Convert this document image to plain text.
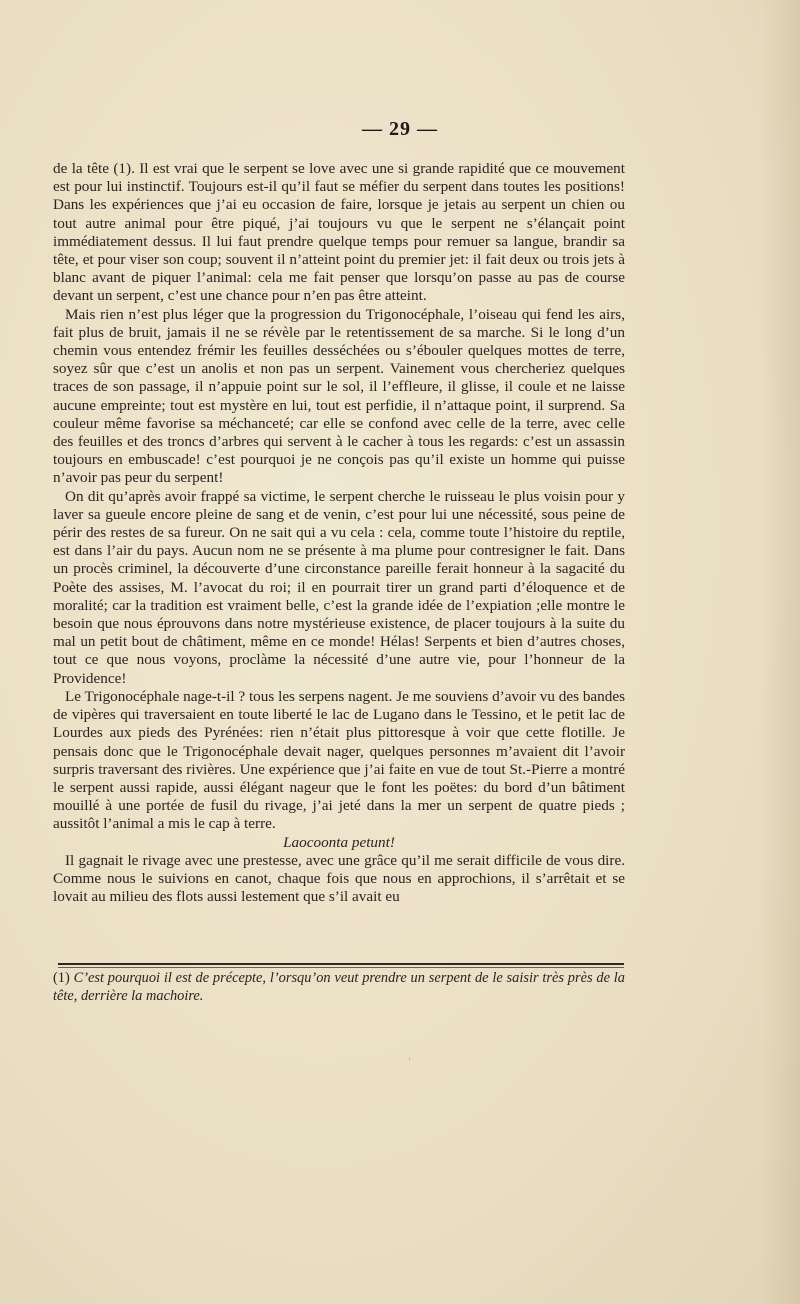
— 29 —

de la tête (1). Il est vrai que le serpent se love avec une si grande rapidité que ce mouvement est pour lui instinctif. Toujours est-il qu’il faut se méfier du serpent dans toutes les positions! Dans les expériences que j’ai eu occasion de faire, lorsque je jetais au serpent un chien ou tout autre animal pour être piqué, j’ai toujours vu que le serpent ne s’élançait point immédiatement dessus. Il lui faut prendre quelque temps pour remuer sa langue, brandir sa tête, et pour viser son coup; souvent il n’atteint point du premier jet: il fait deux ou trois jets à blanc avant de piquer l’animal: cela me fait penser que lorsqu’on passe au pas de course devant un serpent, c’est une chance pour n’en pas être atteint.

Mais rien n’est plus léger que la progression du Trigonocéphale, l’oiseau qui fend les airs, fait plus de bruit, jamais il ne se révèle par le retentissement de sa marche. Si le long d’un chemin vous entendez frémir les feuilles desséchées ou s’ébouler quelques mottes de terre, soyez sûr que c’est un anolis et non pas un serpent. Vainement vous chercheriez quelques traces de son passage, il n’appuie point sur le sol, il l’effleure, il glisse, il coule et ne laisse aucune empreinte; tout est mystère en lui, tout est perfidie, il n’attaque point, il surprend. Sa couleur même favorise sa méchanceté; car elle se confond avec celle de la terre, avec celle des feuilles et des troncs d’arbres qui servent à le cacher à tous les regards: c’est un assassin toujours en embuscade! c’est pourquoi je ne conçois pas qu’il existe un homme qui puisse n’avoir pas peur du serpent!

On dit qu’après avoir frappé sa victime, le serpent cherche le ruisseau le plus voisin pour y laver sa gueule encore pleine de sang et de venin, c’est pour lui une nécessité, sous peine de périr des restes de sa fureur. On ne sait qui a vu cela : cela, comme toute l’histoire du reptile, est dans l’air du pays. Aucun nom ne se présente à ma plume pour contresigner le fait. Dans un procès criminel, la découverte d’une circonstance pareille ferait honneur à la sagacité du Poète des assises, M. l’avocat du roi; il en pourrait tirer un grand parti d’éloquence et de moralité; car la tradition est vraiment belle, c’est la grande idée de l’expiation ;elle montre le besoin que nous éprouvons dans notre mystérieuse existence, de placer toujours à la suite du mal un petit bout de châtiment, même en ce monde! Hélas! Serpents et bien d’autres choses, tout ce que nous voyons, proclàme la nécessité d’une autre vie, pour l’honneur de la Providence!

Le Trigonocéphale nage-t-il ? tous les serpens nagent. Je me souviens d’avoir vu des bandes de vipères qui traversaient en toute liberté le lac de Lugano dans le Tessino, et le petit lac de Lourdes aux pieds des Pyrénées: rien n’était plus pittoresque à voir que cette flotille. Je pensais donc que le Trigonocéphale devait nager, quelques personnes m’avaient dit l’avoir surpris traversant des rivières. Une expérience que j’ai faite en vue de tout St.-Pierre a montré le serpent aussi rapide, aussi élégant nageur que le font les poëtes: du bord d’un bâtiment mouillé à une portée de fusil du rivage, j’ai jeté dans la mer un serpent de quatre pieds ; aussitôt l’animal a mis le cap à terre.

Laocoonta petunt!

Il gagnait le rivage avec une prestesse, avec une grâce qu’il me serait difficile de vous dire. Comme nous le suivions en canot, chaque fois que nous en approchions, il s’arrêtait et se lovait au milieu des flots aussi lestement que s’il avait eu

(1) C’est pourquoi il est de précepte, l’orsqu’on veut prendre un serpent de le saisir très près de la tête, derrière la machoire.
·
